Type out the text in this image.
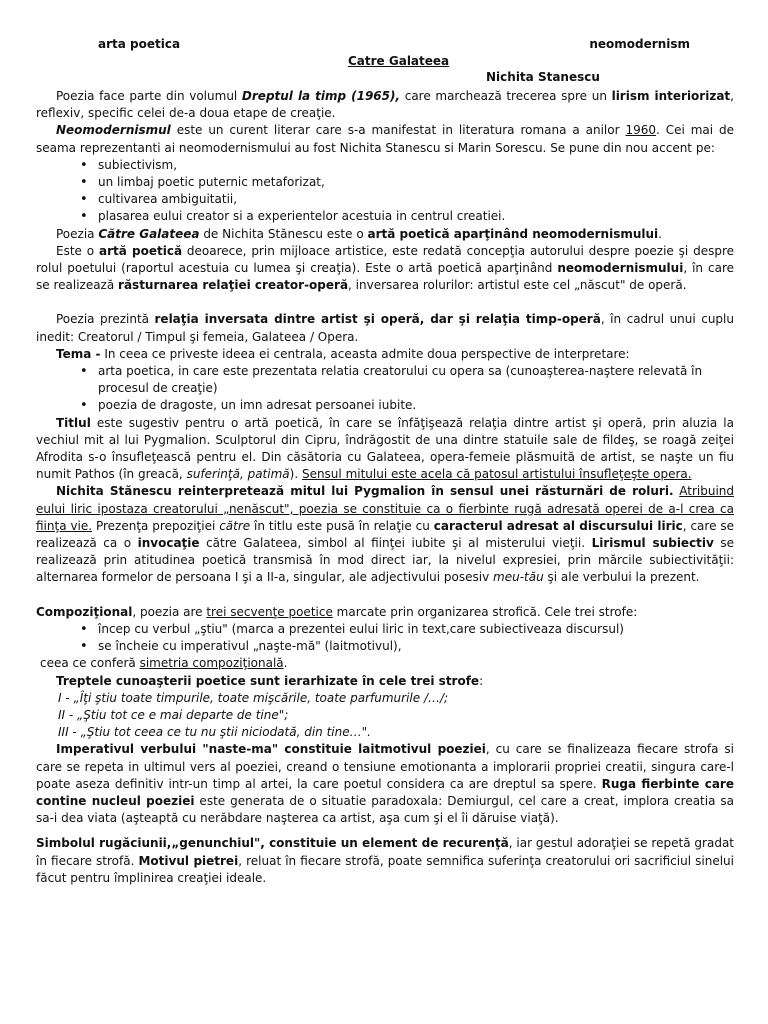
arta poetica	neomodernism
Catre Galateea
Nichita Stanescu

Poezia face parte din volumul Dreptul la timp (1965), care marchează trecerea spre un lirism interiorizat, reflexiv, specific celei de-a doua etape de creaţie.

Neomodernismul este un curent literar care s-a manifestat in literatura romana a anilor 1960. Cei mai de seama reprezentanti ai neomodernismului au fost Nichita Stanescu si Marin Sorescu. Se pune din nou accent pe:

• subiectivism,
• un limbaj poetic puternic metaforizat,
• cultivarea ambiguitatii,
• plasarea eului creator si a experientelor acestuia in centrul creatiei.

Poezia Către Galateea de Nichita Stănescu este o artă poetică aparţinând neomodernismului.

Este o artă poetică deoarece, prin mijloace artistice, este redată concepţia autorului despre poezie şi despre rolul poetului (raportul acestuia cu lumea şi creaţia). Este o artă poetică aparţinând neomodernismului, în care se realizează răsturnarea relaţiei creator-operă, inversarea rolurilor: artistul este cel „născut" de operă.

Poezia prezintă relaţia inversata dintre artist şi operă, dar şi relaţia timp-operă, în cadrul unui cuplu inedit: Creatorul / Timpul şi femeia, Galateea / Opera.

Tema - In ceea ce priveste ideea ei centrala, aceasta admite doua perspective de interpretare:

• arta poetica, in care este prezentata relatia creatorului cu opera sa (cunoaşterea-naştere relevată în procesul de creaţie)
• poezia de dragoste, un imn adresat persoanei iubite.

Titlul este sugestiv pentru o artă poetică, în care se înfăţişează relaţia dintre artist şi operă, prin aluzia la vechiul mit al lui Pygmalion. Sculptorul din Cipru, îndrăgostit de una dintre statuile sale de fildeş, se roagă zeiţei Afrodita s-o însufleţească pentru el. Din căsătoria cu Galateea, opera-femeie plăsmuită de artist, se naşte un fiu numit Pathos (în greacă, suferinţă, patimă). Sensul mitului este acela că patosul artistului însufleţeşte opera.

Nichita Stănescu reinterpretează mitul lui Pygmalion în sensul unei răsturnări de roluri. Atribuind eului liric ipostaza creatorului „nenăscut", poezia se constituie ca o fierbinte rugă adresată operei de a-l crea ca fiinţa vie. Prezenţa prepoziţiei către în titlu este pusă în relaţie cu caracterul adresat al discursului liric, care se realizează ca o invocaţie către Galateea, simbol al fiinţei iubite şi al misterului vieţii. Lirismul subiectiv se realizează prin atitudinea poetică transmisă în mod direct iar, la nivelul expresiei, prin mărcile subiectivităţii: alternarea formelor de persoana I şi a II-a, singular, ale adjectivului posesiv meu-tău şi ale verbului la prezent.

Compoziţional, poezia are trei secvenţe poetice marcate prin organizarea strofică. Cele trei strofe:

• încep cu verbul „ştiu" (marca a prezentei eului liric in text,care subiectiveaza discursul)
• se încheie cu imperativul „naşte-mă" (laitmotivul),

ceea ce conferă simetria compoziţională.

Treptele cunoaşterii poetice sunt ierarhizate în cele trei strofe:

I - „Îţi ştiu toate timpurile, toate mişcările, toate parfumurile /…/;
II - „Ştiu tot ce e mai departe de tine";
III - „Ştiu tot ceea ce tu nu ştii niciodată, din tine…".

Imperativul verbului "naste-ma" constituie laitmotivul poeziei, cu care se finalizeaza fiecare strofa si care se repeta in ultimul vers al poeziei, creand o tensiune emotionanta a implorarii propriei creatii, singura care-l poate aseza definitiv intr-un timp al artei, la care poetul considera ca are dreptul sa spere. Ruga fierbinte care contine nucleul poeziei este generata de o situatie paradoxala: Demiurgul, cel care a creat, implora creatia sa sa-i dea viata (aşteaptă cu nerăbdare naşterea ca artist, aşa cum şi el îi dăruise viaţă).

Simbolul rugăciunii,„genunchiul", constituie un element de recurenţă, iar gestul adoraţiei se repetă gradat în fiecare strofă. Motivul pietrei, reluat în fiecare strofă, poate semnifica suferinţa creatorului ori sacrificiul sinelui făcut pentru împlinirea creaţiei ideale.
